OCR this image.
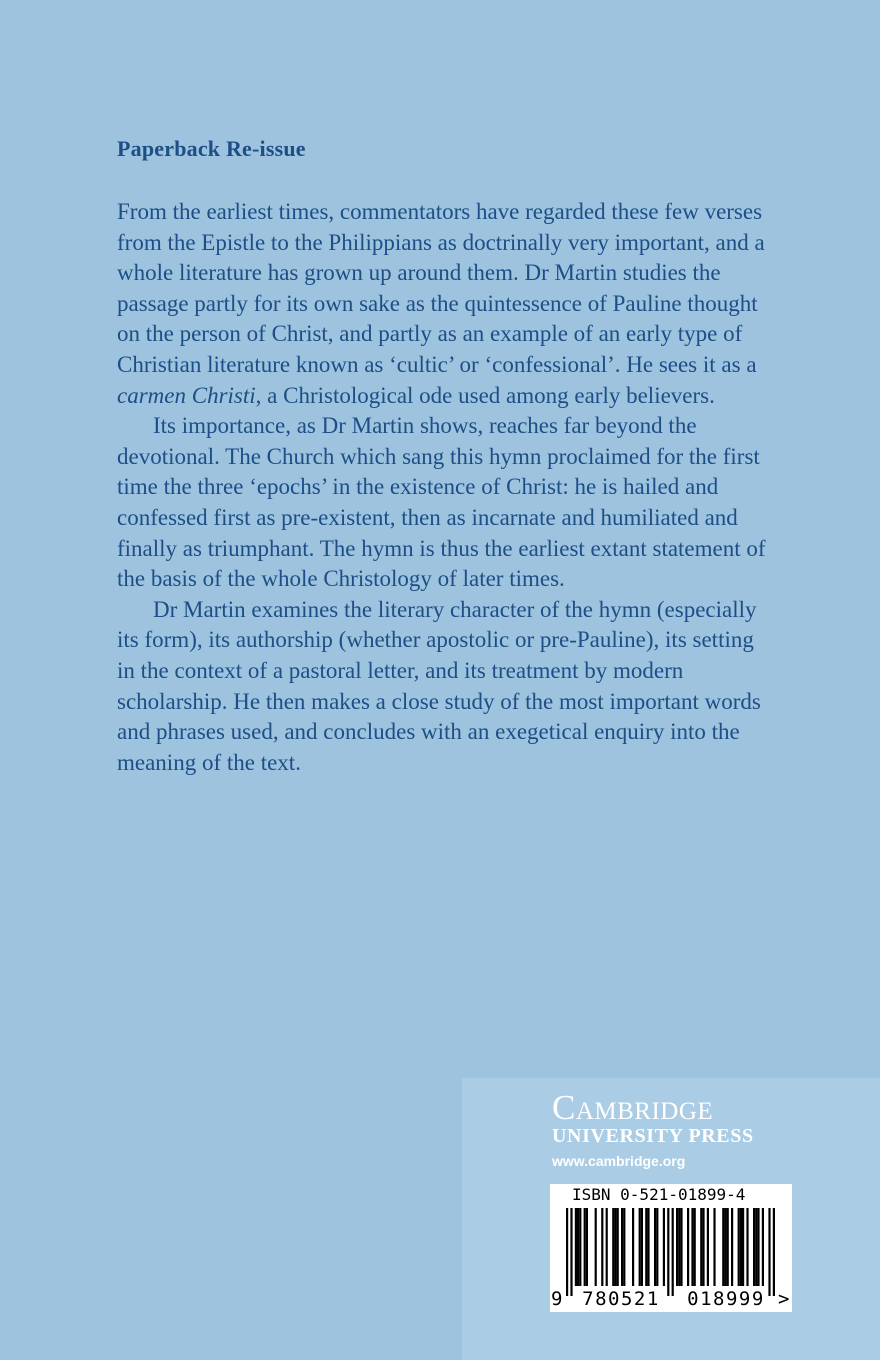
Paperback Re-issue

From the earliest times, commentators have regarded these few verses from the Epistle to the Philippians as doctrinally very important, and a whole literature has grown up around them. Dr Martin studies the passage partly for its own sake as the quintessence of Pauline thought on the person of Christ, and partly as an example of an early type of Christian literature known as ‘cultic’ or ‘confessional’. He sees it as a carmen Christi, a Christological ode used among early believers.

Its importance, as Dr Martin shows, reaches far beyond the devotional. The Church which sang this hymn proclaimed for the first time the three ‘epochs’ in the existence of Christ: he is hailed and confessed first as pre-existent, then as incarnate and humiliated and finally as triumphant. The hymn is thus the earliest extant statement of the basis of the whole Christology of later times.

Dr Martin examines the literary character of the hymn (especially its form), its authorship (whether apostolic or pre-Pauline), its setting in the context of a pastoral letter, and its treatment by modern scholarship. He then makes a close study of the most important words and phrases used, and concludes with an exegetical enquiry into the meaning of the text.

Cambridge
UNIVERSITY PRESS
www.cambridge.org
ISBN 0-521-01899-4
9	780521	018999 >
